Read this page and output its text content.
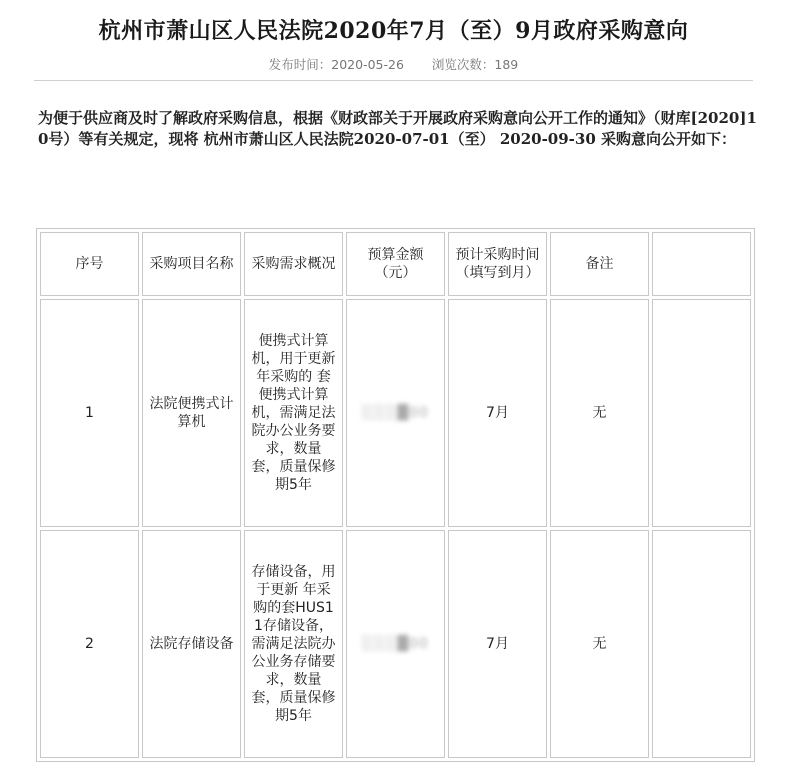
杭州市萧山区人民法院2020年7月（至）9月政府采购意向
发布时间：2020-05-26 浏览次数：189
为便于供应商及时了解政府采购信息，根据《财政部关于开展政府采购意向公开工作的通知》（财库[2020]10号）等有关规定，现将 杭州市萧山区人民法院2020-07-01（至） 2020-09-30 采购意向公开如下：
序号	采购项目名称	采购需求概况	预算金额（元）	预计采购时间（填写到月）	备注	
1	法院便携式计算机	便携式计算机，用于更新 年采购的 套便携式计算机，需满足法院办公业务要求，数量 套，质量保修期5年	░░░█00	7月	无	
2	法院存储设备	存储设备，用于更新 年采购的套HUS11存储设备，需满足法院办公业务存储要求，数量 套，质量保修期5年	░░░█00	7月	无	
